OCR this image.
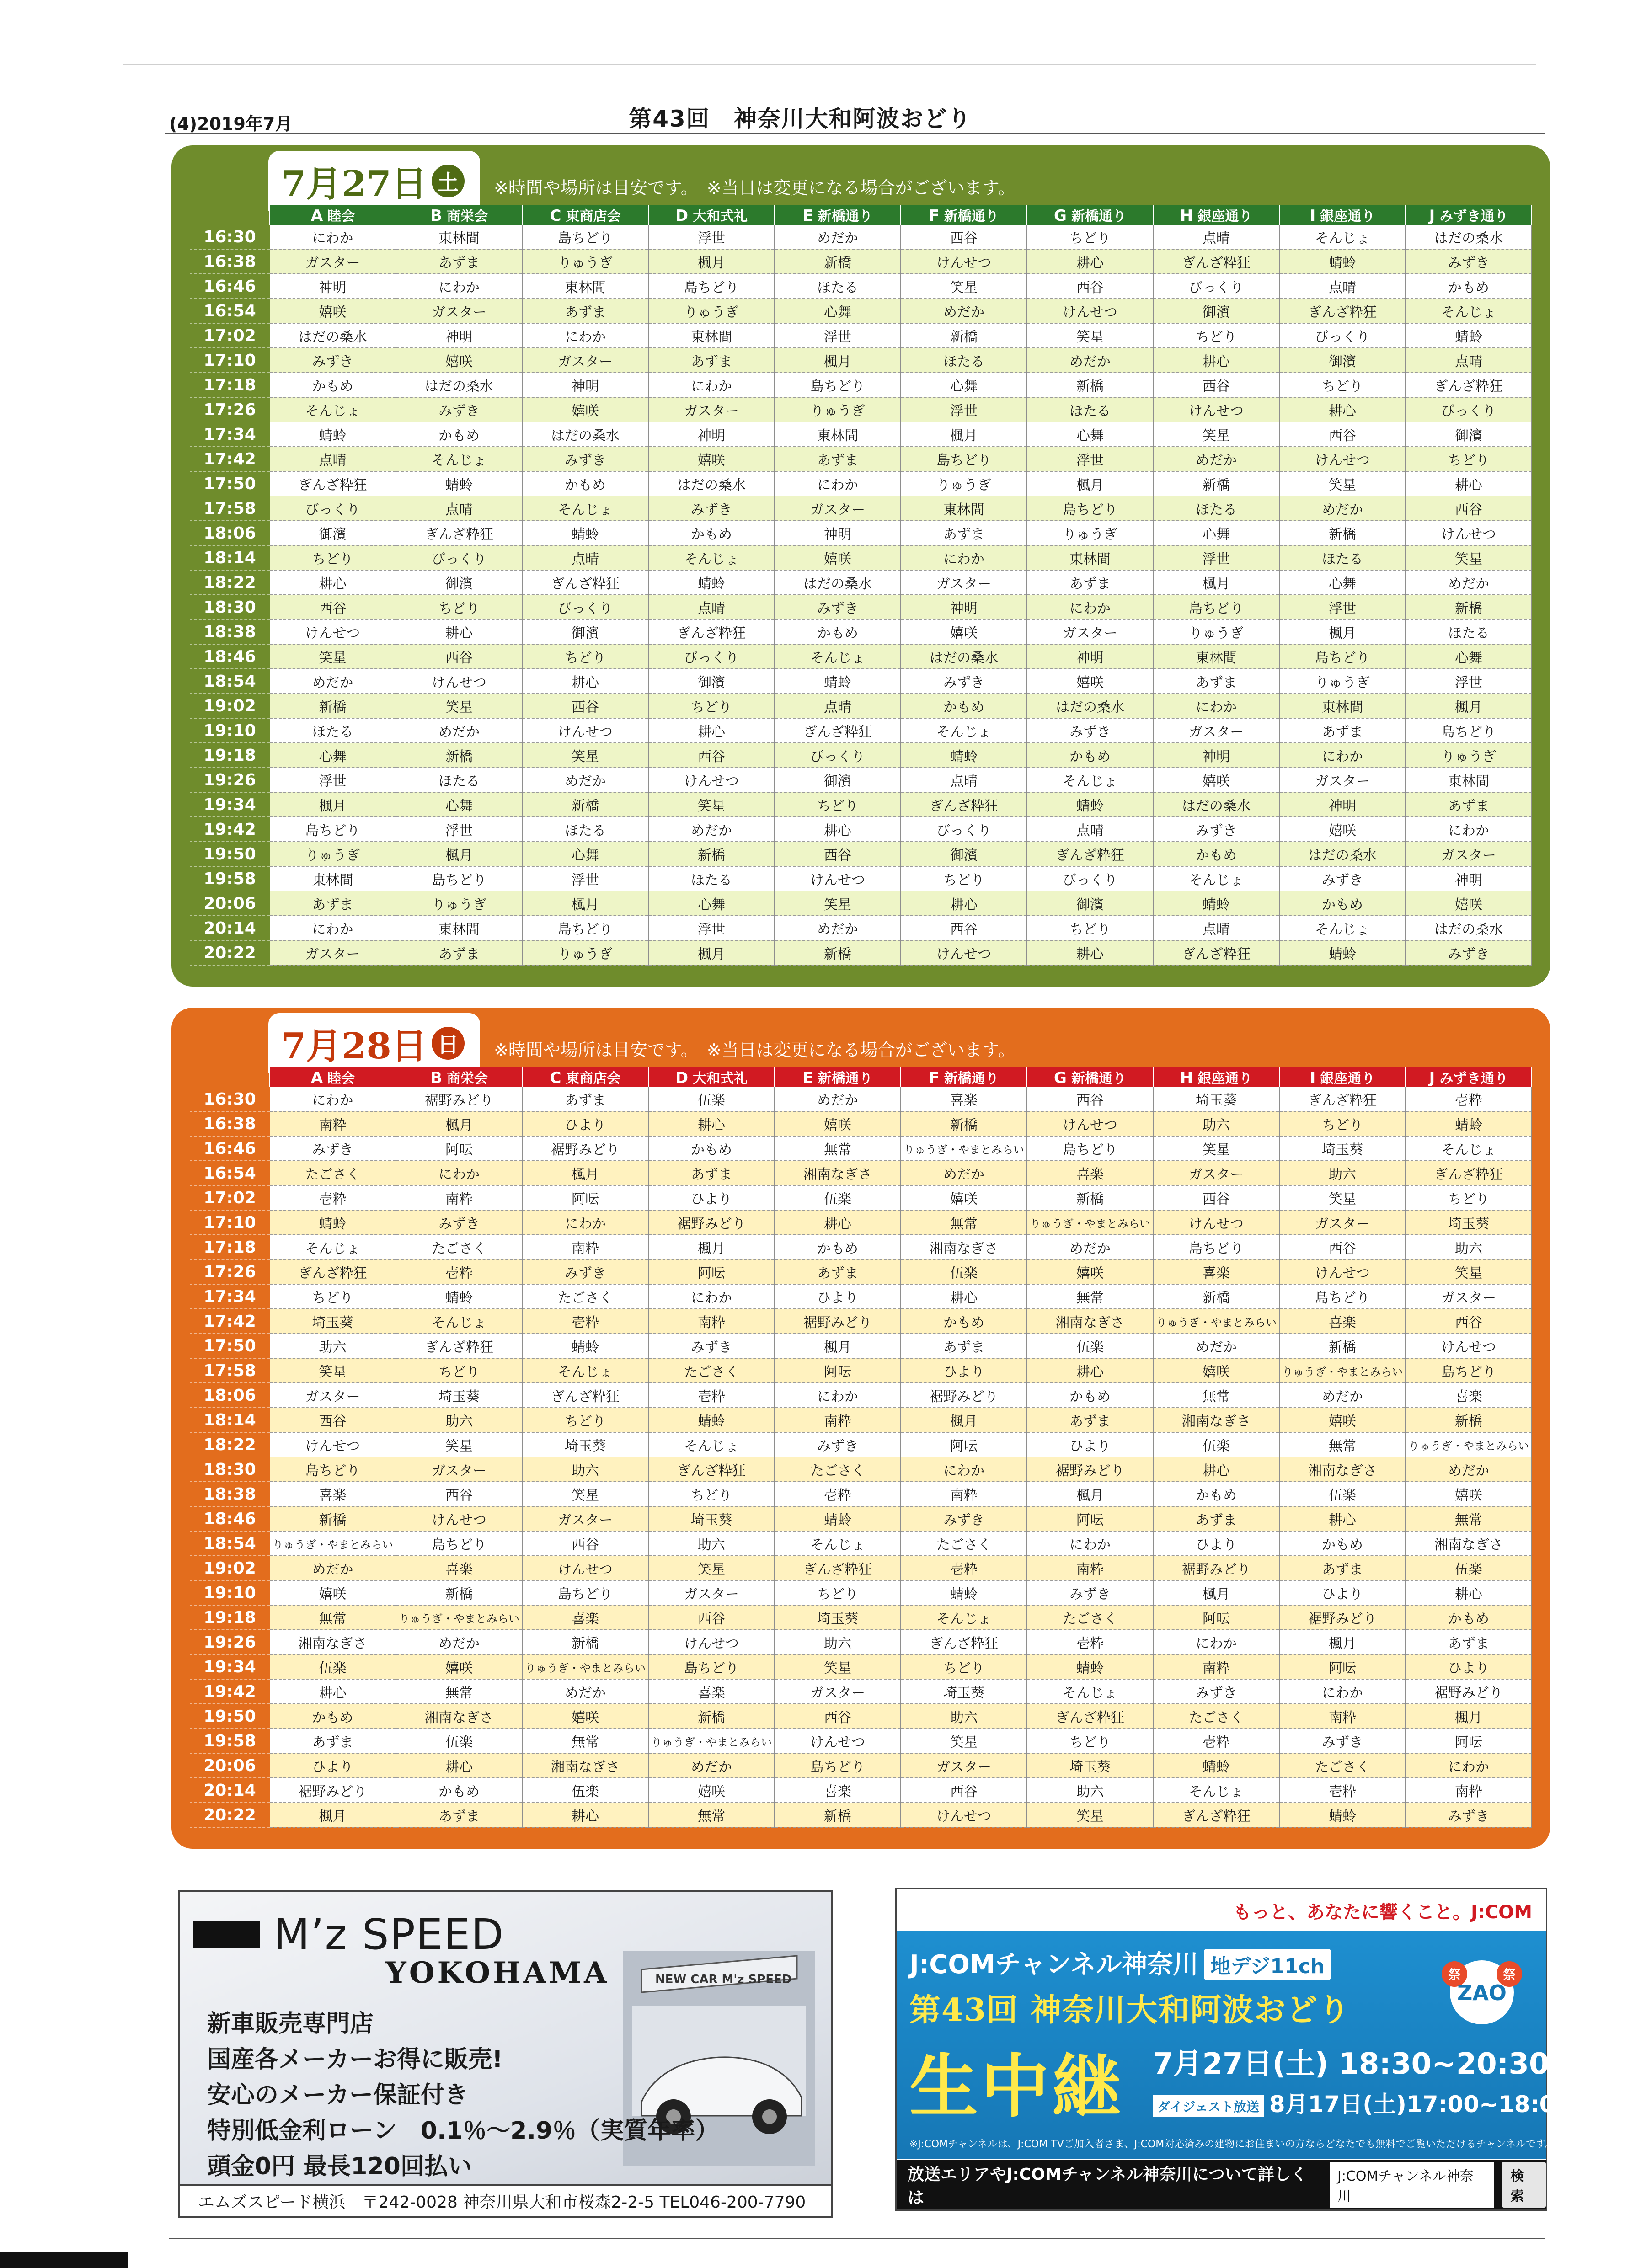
(4)2019年7月	第43回　神奈川大和阿波おどり
7月27日 土	※時間や場所は目安です。　※当日は変更になる場合がございます。
	A 睦会	B 商栄会	C 東商店会	D 大和式礼	E 新橋通り	F 新橋通り	G 新橋通り	H 銀座通り	I 銀座通り	J みずき通り
16:30	にわか	東林間	島ちどり	浮世	めだか	西谷	ちどり	点晴	そんじょ	はだの桑水
16:38	ガスター	あずま	りゅうぎ	楓月	新橋	けんせつ	耕心	ぎんざ粋狂	蜻蛉	みずき
16:46	神明	にわか	東林間	島ちどり	ほたる	笑星	西谷	びっくり	点晴	かもめ
16:54	嬉咲	ガスター	あずま	りゅうぎ	心舞	めだか	けんせつ	御濱	ぎんざ粋狂	そんじょ
17:02	はだの桑水	神明	にわか	東林間	浮世	新橋	笑星	ちどり	びっくり	蜻蛉
17:10	みずき	嬉咲	ガスター	あずま	楓月	ほたる	めだか	耕心	御濱	点晴
17:18	かもめ	はだの桑水	神明	にわか	島ちどり	心舞	新橋	西谷	ちどり	ぎんざ粋狂
17:26	そんじょ	みずき	嬉咲	ガスター	りゅうぎ	浮世	ほたる	けんせつ	耕心	びっくり
17:34	蜻蛉	かもめ	はだの桑水	神明	東林間	楓月	心舞	笑星	西谷	御濱
17:42	点晴	そんじょ	みずき	嬉咲	あずま	島ちどり	浮世	めだか	けんせつ	ちどり
17:50	ぎんざ粋狂	蜻蛉	かもめ	はだの桑水	にわか	りゅうぎ	楓月	新橋	笑星	耕心
17:58	びっくり	点晴	そんじょ	みずき	ガスター	東林間	島ちどり	ほたる	めだか	西谷
18:06	御濱	ぎんざ粋狂	蜻蛉	かもめ	神明	あずま	りゅうぎ	心舞	新橋	けんせつ
18:14	ちどり	びっくり	点晴	そんじょ	嬉咲	にわか	東林間	浮世	ほたる	笑星
18:22	耕心	御濱	ぎんざ粋狂	蜻蛉	はだの桑水	ガスター	あずま	楓月	心舞	めだか
18:30	西谷	ちどり	びっくり	点晴	みずき	神明	にわか	島ちどり	浮世	新橋
18:38	けんせつ	耕心	御濱	ぎんざ粋狂	かもめ	嬉咲	ガスター	りゅうぎ	楓月	ほたる
18:46	笑星	西谷	ちどり	びっくり	そんじょ	はだの桑水	神明	東林間	島ちどり	心舞
18:54	めだか	けんせつ	耕心	御濱	蜻蛉	みずき	嬉咲	あずま	りゅうぎ	浮世
19:02	新橋	笑星	西谷	ちどり	点晴	かもめ	はだの桑水	にわか	東林間	楓月
19:10	ほたる	めだか	けんせつ	耕心	ぎんざ粋狂	そんじょ	みずき	ガスター	あずま	島ちどり
19:18	心舞	新橋	笑星	西谷	びっくり	蜻蛉	かもめ	神明	にわか	りゅうぎ
19:26	浮世	ほたる	めだか	けんせつ	御濱	点晴	そんじょ	嬉咲	ガスター	東林間
19:34	楓月	心舞	新橋	笑星	ちどり	ぎんざ粋狂	蜻蛉	はだの桑水	神明	あずま
19:42	島ちどり	浮世	ほたる	めだか	耕心	びっくり	点晴	みずき	嬉咲	にわか
19:50	りゅうぎ	楓月	心舞	新橋	西谷	御濱	ぎんざ粋狂	かもめ	はだの桑水	ガスター
19:58	東林間	島ちどり	浮世	ほたる	けんせつ	ちどり	びっくり	そんじょ	みずき	神明
20:06	あずま	りゅうぎ	楓月	心舞	笑星	耕心	御濱	蜻蛉	かもめ	嬉咲
20:14	にわか	東林間	島ちどり	浮世	めだか	西谷	ちどり	点晴	そんじょ	はだの桑水
20:22	ガスター	あずま	りゅうぎ	楓月	新橋	けんせつ	耕心	ぎんざ粋狂	蜻蛉	みずき
7月28日 日	※時間や場所は目安です。　※当日は変更になる場合がございます。
	A 睦会	B 商栄会	C 東商店会	D 大和式礼	E 新橋通り	F 新橋通り	G 新橋通り	H 銀座通り	I 銀座通り	J みずき通り
16:30	にわか	裾野みどり	あずま	伍楽	めだか	喜楽	西谷	埼玉葵	ぎんざ粋狂	壱粋
16:38	南粋	楓月	ひより	耕心	嬉咲	新橋	けんせつ	助六	ちどり	蜻蛉
16:46	みずき	阿呍	裾野みどり	かもめ	無常	りゅうぎ・やまとみらい	島ちどり	笑星	埼玉葵	そんじょ
16:54	たごさく	にわか	楓月	あずま	湘南なぎさ	めだか	喜楽	ガスター	助六	ぎんざ粋狂
17:02	壱粋	南粋	阿呍	ひより	伍楽	嬉咲	新橋	西谷	笑星	ちどり
17:10	蜻蛉	みずき	にわか	裾野みどり	耕心	無常	りゅうぎ・やまとみらい	けんせつ	ガスター	埼玉葵
17:18	そんじょ	たごさく	南粋	楓月	かもめ	湘南なぎさ	めだか	島ちどり	西谷	助六
17:26	ぎんざ粋狂	壱粋	みずき	阿呍	あずま	伍楽	嬉咲	喜楽	けんせつ	笑星
17:34	ちどり	蜻蛉	たごさく	にわか	ひより	耕心	無常	新橋	島ちどり	ガスター
17:42	埼玉葵	そんじょ	壱粋	南粋	裾野みどり	かもめ	湘南なぎさ	りゅうぎ・やまとみらい	喜楽	西谷
17:50	助六	ぎんざ粋狂	蜻蛉	みずき	楓月	あずま	伍楽	めだか	新橋	けんせつ
17:58	笑星	ちどり	そんじょ	たごさく	阿呍	ひより	耕心	嬉咲	りゅうぎ・やまとみらい	島ちどり
18:06	ガスター	埼玉葵	ぎんざ粋狂	壱粋	にわか	裾野みどり	かもめ	無常	めだか	喜楽
18:14	西谷	助六	ちどり	蜻蛉	南粋	楓月	あずま	湘南なぎさ	嬉咲	新橋
18:22	けんせつ	笑星	埼玉葵	そんじょ	みずき	阿呍	ひより	伍楽	無常	りゅうぎ・やまとみらい
18:30	島ちどり	ガスター	助六	ぎんざ粋狂	たごさく	にわか	裾野みどり	耕心	湘南なぎさ	めだか
18:38	喜楽	西谷	笑星	ちどり	壱粋	南粋	楓月	かもめ	伍楽	嬉咲
18:46	新橋	けんせつ	ガスター	埼玉葵	蜻蛉	みずき	阿呍	あずま	耕心	無常
18:54	りゅうぎ・やまとみらい	島ちどり	西谷	助六	そんじょ	たごさく	にわか	ひより	かもめ	湘南なぎさ
19:02	めだか	喜楽	けんせつ	笑星	ぎんざ粋狂	壱粋	南粋	裾野みどり	あずま	伍楽
19:10	嬉咲	新橋	島ちどり	ガスター	ちどり	蜻蛉	みずき	楓月	ひより	耕心
19:18	無常	りゅうぎ・やまとみらい	喜楽	西谷	埼玉葵	そんじょ	たごさく	阿呍	裾野みどり	かもめ
19:26	湘南なぎさ	めだか	新橋	けんせつ	助六	ぎんざ粋狂	壱粋	にわか	楓月	あずま
19:34	伍楽	嬉咲	りゅうぎ・やまとみらい	島ちどり	笑星	ちどり	蜻蛉	南粋	阿呍	ひより
19:42	耕心	無常	めだか	喜楽	ガスター	埼玉葵	そんじょ	みずき	にわか	裾野みどり
19:50	かもめ	湘南なぎさ	嬉咲	新橋	西谷	助六	ぎんざ粋狂	たごさく	南粋	楓月
19:58	あずま	伍楽	無常	りゅうぎ・やまとみらい	けんせつ	笑星	ちどり	壱粋	みずき	阿呍
20:06	ひより	耕心	湘南なぎさ	めだか	島ちどり	ガスター	埼玉葵	蜻蛉	たごさく	にわか
20:14	裾野みどり	かもめ	伍楽	嬉咲	喜楽	西谷	助六	そんじょ	壱粋	南粋
20:22	楓月	あずま	耕心	無常	新橋	けんせつ	笑星	ぎんざ粋狂	蜻蛉	みずき
M’z SPEED
YOKOHAMA	NEW CAR M'z SPEED
新車販売専門店
国産各メーカーお得に販売!
安心のメーカー保証付き
特別低金利ローン　0.1％～2.9％（実質年率）
頭金0円 最長120回払い
エムズスピード横浜　〒242-0028 神奈川県大和市桜森2-2-5 TEL046-200-7790
もっと、あなたに響くこと。J:COM
J:COMチャンネル神奈川 地デジ11ch
ZAO
祭	祭
第43回 神奈川大和阿波おどり
生中継 7月27日(土) 18:30~20:30
ダイジェスト放送 8月17日(土)17:00~18:00 ほか
※J:COMチャンネルは、J:COM TVご加入者さま、J:COM対応済みの建物にお住まいの方ならどなたでも無料でご覧いただけるチャンネルです。
放送エリアやJ:COMチャンネル神奈川について詳しくは
J:COMチャンネル神奈川
検索
